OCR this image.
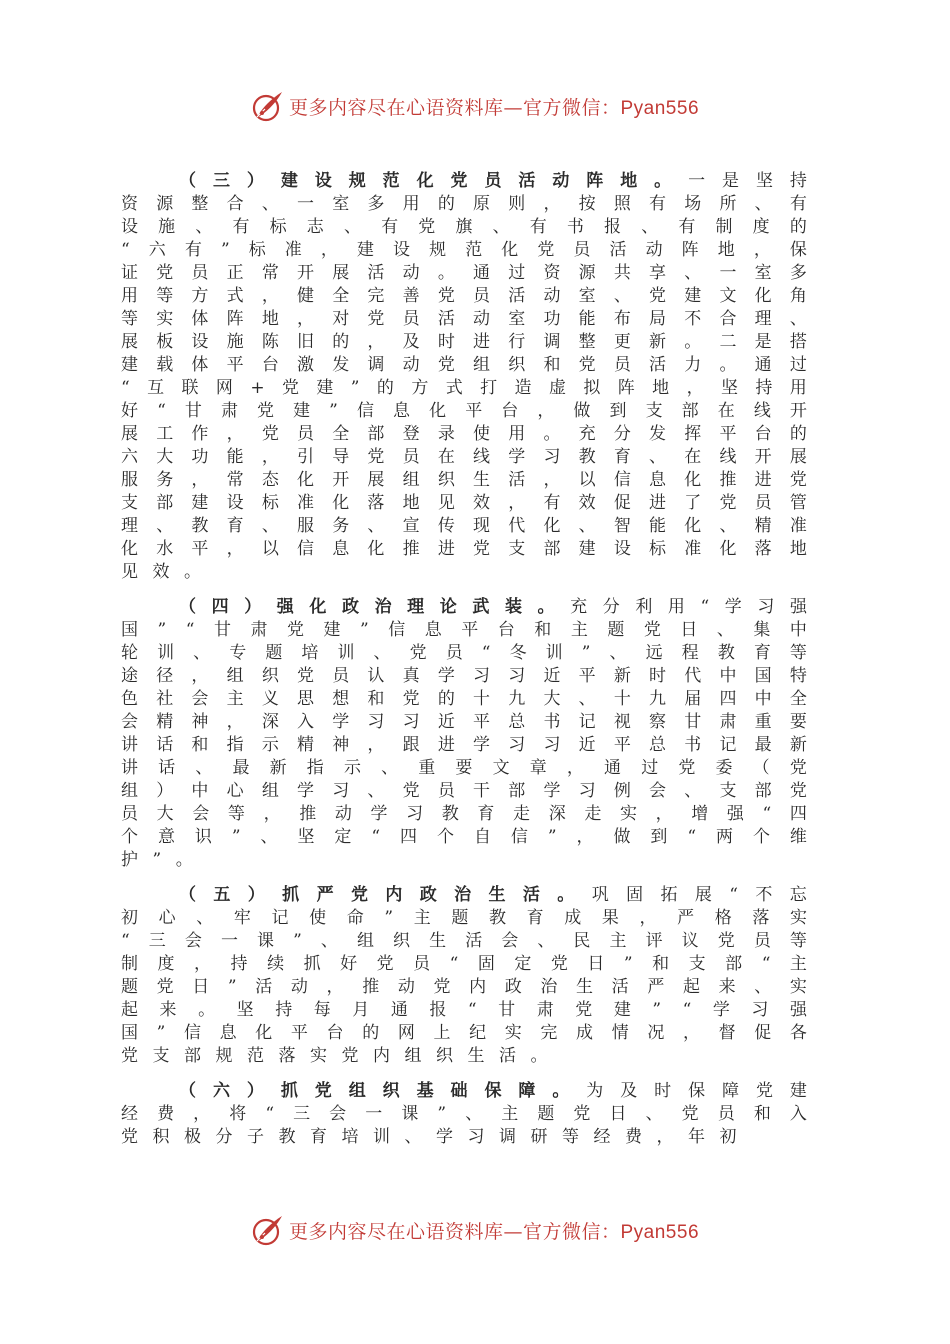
更多内容尽在心语资料库—官方微信：Pyan556
（ 三 ） 建 设 规 范 化 党 员 活 动 阵 地 。 一 是 坚 持
资 源 整 合 、 一 室 多 用 的 原 则 ， 按 照 有 场 所 、 有
设 施 、 有 标 志 、 有 党 旗 、 有 书 报 、 有 制 度 的
“ 六 有 ” 标 准 ， 建 设 规 范 化 党 员 活 动 阵 地 ， 保
证 党 员 正 常 开 展 活 动 。 通 过 资 源 共 享 、 一 室 多
用 等 方 式 ， 健 全 完 善 党 员 活 动 室 、 党 建 文 化 角
等 实 体 阵 地 ， 对 党 员 活 动 室 功 能 布 局 不 合 理 、
展 板 设 施 陈 旧 的 ， 及 时 进 行 调 整 更 新 。 二 是 搭
建 载 体 平 台 激 发 调 动 党 组 织 和 党 员 活 力 。 通 过
“ 互 联 网 + 党 建 ” 的 方 式 打 造 虚 拟 阵 地 ， 坚 持 用
好 “ 甘 肃 党 建 ” 信 息 化 平 台 ， 做 到 支 部 在 线 开
展 工 作 ， 党 员 全 部 登 录 使 用 。 充 分 发 挥 平 台 的
六 大 功 能 ， 引 导 党 员 在 线 学 习 教 育 、 在 线 开 展
服 务 ， 常 态 化 开 展 组 织 生 活 ， 以 信 息 化 推 进 党
支 部 建 设 标 准 化 落 地 见 效 ， 有 效 促 进 了 党 员 管
理 、 教 育 、 服 务 、 宣 传 现 代 化 、 智 能 化 、 精 准
化 水 平 ， 以 信 息 化 推 进 党 支 部 建 设 标 准 化 落 地
见 效 。
（ 四 ） 强 化 政 治 理 论 武 装 。 充 分 利 用 “ 学 习 强
国 ” “ 甘 肃 党 建 ” 信 息 平 台 和 主 题 党 日 、 集 中
轮 训 、 专 题 培 训 、 党 员 “ 冬 训 ” 、 远 程 教 育 等
途 径 ， 组 织 党 员 认 真 学 习 习 近 平 新 时 代 中 国 特
色 社 会 主 义 思 想 和 党 的 十 九 大 、 十 九 届 四 中 全
会 精 神 ， 深 入 学 习 习 近 平 总 书 记 视 察 甘 肃 重 要
讲 话 和 指 示 精 神 ， 跟 进 学 习 习 近 平 总 书 记 最 新
讲 话 、 最 新 指 示 、 重 要 文 章 ， 通 过 党 委 （ 党
组 ） 中 心 组 学 习 、 党 员 干 部 学 习 例 会 、 支 部 党
员 大 会 等 ， 推 动 学 习 教 育 走 深 走 实 ， 增 强 “ 四
个 意 识 ” 、 坚 定 “ 四 个 自 信 ” ， 做 到 “ 两 个 维
护 ” 。
（ 五 ） 抓 严 党 内 政 治 生 活 。 巩 固 拓 展 “ 不 忘
初 心 、 牢 记 使 命 ” 主 题 教 育 成 果 ， 严 格 落 实
“ 三 会 一 课 ” 、 组 织 生 活 会 、 民 主 评 议 党 员 等
制 度 ， 持 续 抓 好 党 员 “ 固 定 党 日 ” 和 支 部 “ 主
题 党 日 ” 活 动 ， 推 动 党 内 政 治 生 活 严 起 来 、 实
起 来 。 坚 持 每 月 通 报 “ 甘 肃 党 建 ” “ 学 习 强
国 ” 信 息 化 平 台 的 网 上 纪 实 完 成 情 况 ， 督 促 各
党 支 部 规 范 落 实 党 内 组 织 生 活 。
（ 六 ） 抓 党 组 织 基 础 保 障 。 为 及 时 保 障 党 建
经 费 ， 将 “ 三 会 一 课 ” 、 主 题 党 日 、 党 员 和 入
党 积 极 分 子 教 育 培 训 、 学 习 调 研 等 经 费 ， 年 初
更多内容尽在心语资料库—官方微信：Pyan556
